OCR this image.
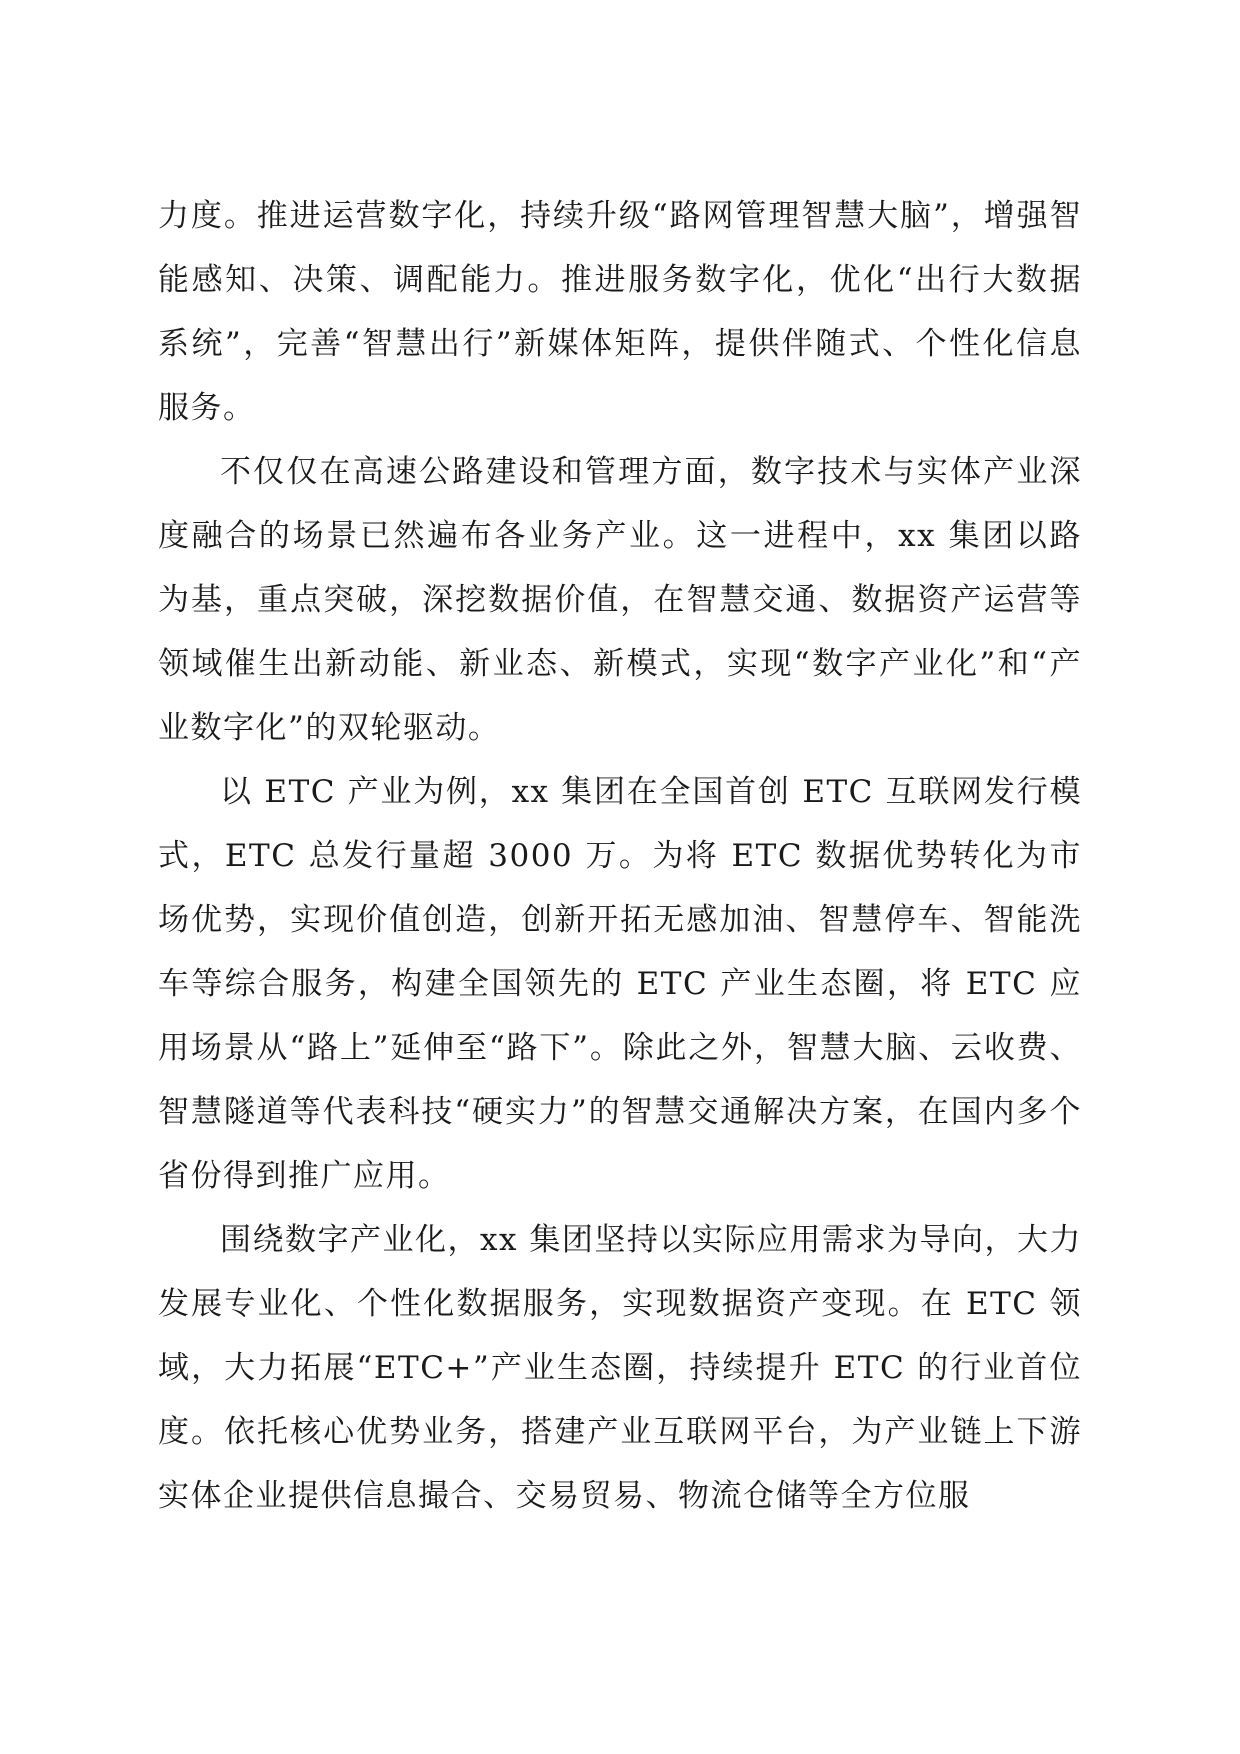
力度。推进运营数字化，持续升级“路网管理智慧大脑”，增强智能感知、决策、调配能力。推进服务数字化，优化“出行大数据系统”，完善“智慧出行”新媒体矩阵，提供伴随式、个性化信息服务。

不仅仅在高速公路建设和管理方面，数字技术与实体产业深度融合的场景已然遍布各业务产业。这一进程中，xx 集团以路为基，重点突破，深挖数据价值，在智慧交通、数据资产运营等领域催生出新动能、新业态、新模式，实现“数字产业化”和“产业数字化”的双轮驱动。

以 ETC 产业为例，xx 集团在全国首创 ETC 互联网发行模式，ETC 总发行量超 3000 万。为将 ETC 数据优势转化为市场优势，实现价值创造，创新开拓无感加油、智慧停车、智能洗车等综合服务，构建全国领先的 ETC 产业生态圈，将 ETC 应用场景从“路上”延伸至“路下”。除此之外，智慧大脑、云收费、智慧隧道等代表科技“硬实力”的智慧交通解决方案，在国内多个省份得到推广应用。

围绕数字产业化，xx 集团坚持以实际应用需求为导向，大力发展专业化、个性化数据服务，实现数据资产变现。在 ETC 领域，大力拓展“ETC+”产业生态圈，持续提升 ETC 的行业首位度。依托核心优势业务，搭建产业互联网平台，为产业链上下游实体企业提供信息撮合、交易贸易、物流仓储等全方位服
